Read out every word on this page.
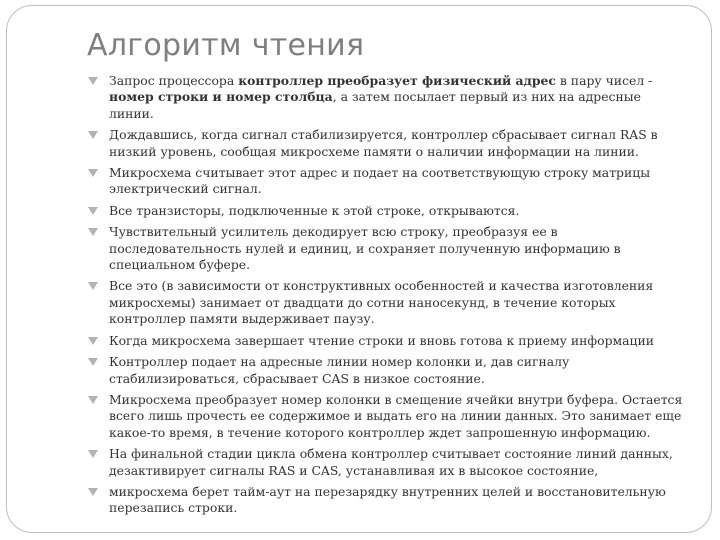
Алгоритм чтения
Запрос процессора контроллер преобразует физический адрес в пару чисел - номер строки и номер столбца, а затем посылает первый из них на адресные линии.
Дождавшись, когда сигнал стабилизируется, контроллер сбрасывает сигнал RAS в низкий уровень, сообщая микросхеме памяти о наличии информации на линии.
Микросхема считывает этот адрес и подает на соответствующую строку матрицы электрический сигнал.
Все транзисторы, подключенные к этой строке, открываются.
Чувствительный усилитель декодирует всю строку, преобразуя ее в последовательность нулей и единиц, и сохраняет полученную информацию в специальном буфере.
Все это (в зависимости от конструктивных особенностей и качества изготовления микросхемы) занимает от двадцати до сотни наносекунд, в течение которых контроллер памяти выдерживает паузу.
Когда микросхема завершает чтение строки и вновь готова к приему информации
Контроллер подает на адресные линии номер колонки и, дав сигналу стабилизироваться, сбрасывает CAS в низкое состояние.
Микросхема преобразует номер колонки в смещение ячейки внутри буфера. Остается всего лишь прочесть ее содержимое и выдать его на линии данных. Это занимает еще какое-то время, в течение которого контроллер ждет запрошенную информацию.
На финальной стадии цикла обмена контроллер считывает состояние линий данных, дезактивирует сигналы RAS и CAS, устанавливая их в высокое состояние,
микросхема берет тайм-аут на перезарядку внутренних целей и восстановительную перезапись строки.
